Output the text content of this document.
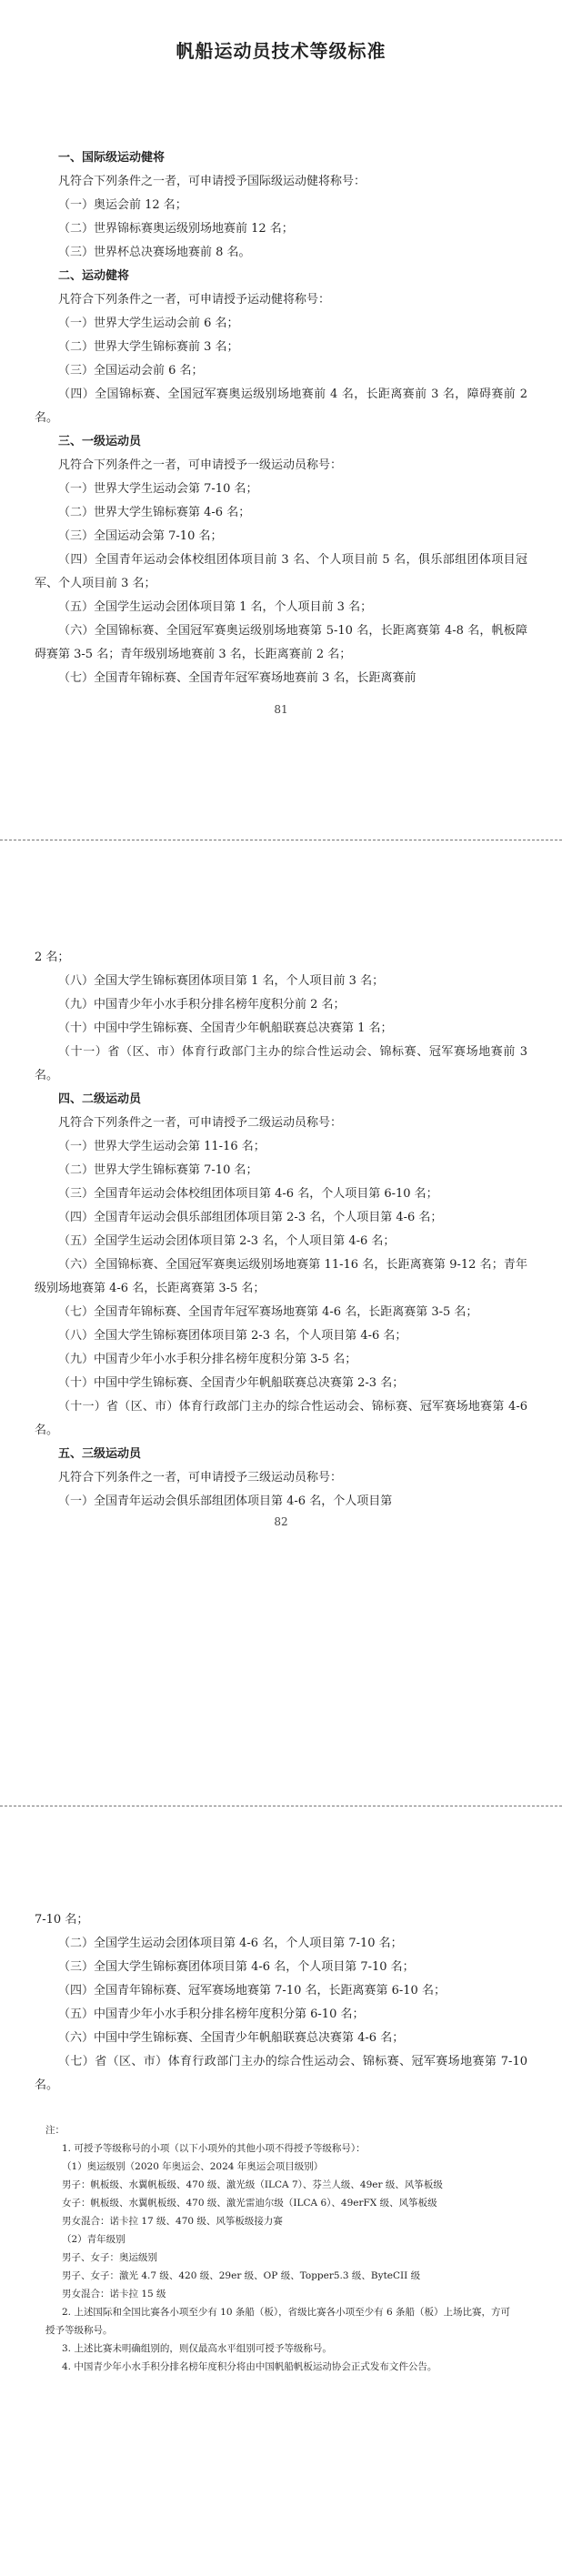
帆船运动员技术等级标准
一、国际级运动健将

凡符合下列条件之一者，可申请授予国际级运动健将称号：

（一）奥运会前 12 名；

（二）世界锦标赛奥运级别场地赛前 12 名；

（三）世界杯总决赛场地赛前 8 名。

二、运动健将

凡符合下列条件之一者，可申请授予运动健将称号：

（一）世界大学生运动会前 6 名；

（二）世界大学生锦标赛前 3 名；

（三）全国运动会前 6 名；

（四）全国锦标赛、全国冠军赛奥运级别场地赛前 4 名，长距离赛前 3 名，障碍赛前 2 名。

三、一级运动员

凡符合下列条件之一者，可申请授予一级运动员称号：

（一）世界大学生运动会第 7-10 名；

（二）世界大学生锦标赛第 4-6 名；

（三）全国运动会第 7-10 名；

（四）全国青年运动会体校组团体项目前 3 名、个人项目前 5 名，俱乐部组团体项目冠军、个人项目前 3 名；

（五）全国学生运动会团体项目第 1 名，个人项目前 3 名；

（六）全国锦标赛、全国冠军赛奥运级别场地赛第 5-10 名，长距离赛第 4-8 名，帆板障碍赛第 3-5 名；青年级别场地赛前 3 名，长距离赛前 2 名；

（七）全国青年锦标赛、全国青年冠军赛场地赛前 3 名，长距离赛前

81

2 名；

（八）全国大学生锦标赛团体项目第 1 名，个人项目前 3 名；

（九）中国青少年小水手积分排名榜年度积分前 2 名；

（十）中国中学生锦标赛、全国青少年帆船联赛总决赛第 1 名；

（十一）省（区、市）体育行政部门主办的综合性运动会、锦标赛、冠军赛场地赛前 3 名。

四、二级运动员

凡符合下列条件之一者，可申请授予二级运动员称号：

（一）世界大学生运动会第 11-16 名；

（二）世界大学生锦标赛第 7-10 名；

（三）全国青年运动会体校组团体项目第 4-6 名，个人项目第 6-10 名；

（四）全国青年运动会俱乐部组团体项目第 2-3 名，个人项目第 4-6 名；

（五）全国学生运动会团体项目第 2-3 名，个人项目第 4-6 名；

（六）全国锦标赛、全国冠军赛奥运级别场地赛第 11-16 名，长距离赛第 9-12 名；青年级别场地赛第 4-6 名，长距离赛第 3-5 名；

（七）全国青年锦标赛、全国青年冠军赛场地赛第 4-6 名，长距离赛第 3-5 名；

（八）全国大学生锦标赛团体项目第 2-3 名，个人项目第 4-6 名；

（九）中国青少年小水手积分排名榜年度积分第 3-5 名；

（十）中国中学生锦标赛、全国青少年帆船联赛总决赛第 2-3 名；

（十一）省（区、市）体育行政部门主办的综合性运动会、锦标赛、冠军赛场地赛第 4-6 名。

五、三级运动员

凡符合下列条件之一者，可申请授予三级运动员称号：

（一）全国青年运动会俱乐部组团体项目第 4-6 名，个人项目第

82

7-10 名；

（二）全国学生运动会团体项目第 4-6 名，个人项目第 7-10 名；

（三）全国大学生锦标赛团体项目第 4-6 名，个人项目第 7-10 名；

（四）全国青年锦标赛、冠军赛场地赛第 7-10 名，长距离赛第 6-10 名；

（五）中国青少年小水手积分排名榜年度积分第 6-10 名；

（六）中国中学生锦标赛、全国青少年帆船联赛总决赛第 4-6 名；

（七）省（区、市）体育行政部门主办的综合性运动会、锦标赛、冠军赛场地赛第 7-10 名。

注：
1. 可授予等级称号的小项（以下小项外的其他小项不得授予等级称号）：
（1）奥运级别（2020 年奥运会、2024 年奥运会项目级别）
男子：帆板级、水翼帆板级、470 级、激光级（ILCA 7）、芬兰人级、49er 级、风筝板级
女子：帆板级、水翼帆板级、470 级、激光雷迪尔级（ILCA 6）、49erFX 级、风筝板级
男女混合：诺卡拉 17 级、470 级、风筝板级接力赛
（2）青年级别
男子、女子：奥运级别
男子、女子：激光 4.7 级、420 级、29er 级、OP 级、Topper5.3 级、ByteCII 级
男女混合：诺卡拉 15 级
2. 上述国际和全国比赛各小项至少有 10 条船（板），省级比赛各小项至少有 6 条船（板）上场比赛，方可授予等级称号。
3. 上述比赛未明确组别的，则仅最高水平组别可授予等级称号。
4. 中国青少年小水手积分排名榜年度积分将由中国帆船帆板运动协会正式发布文件公告。
